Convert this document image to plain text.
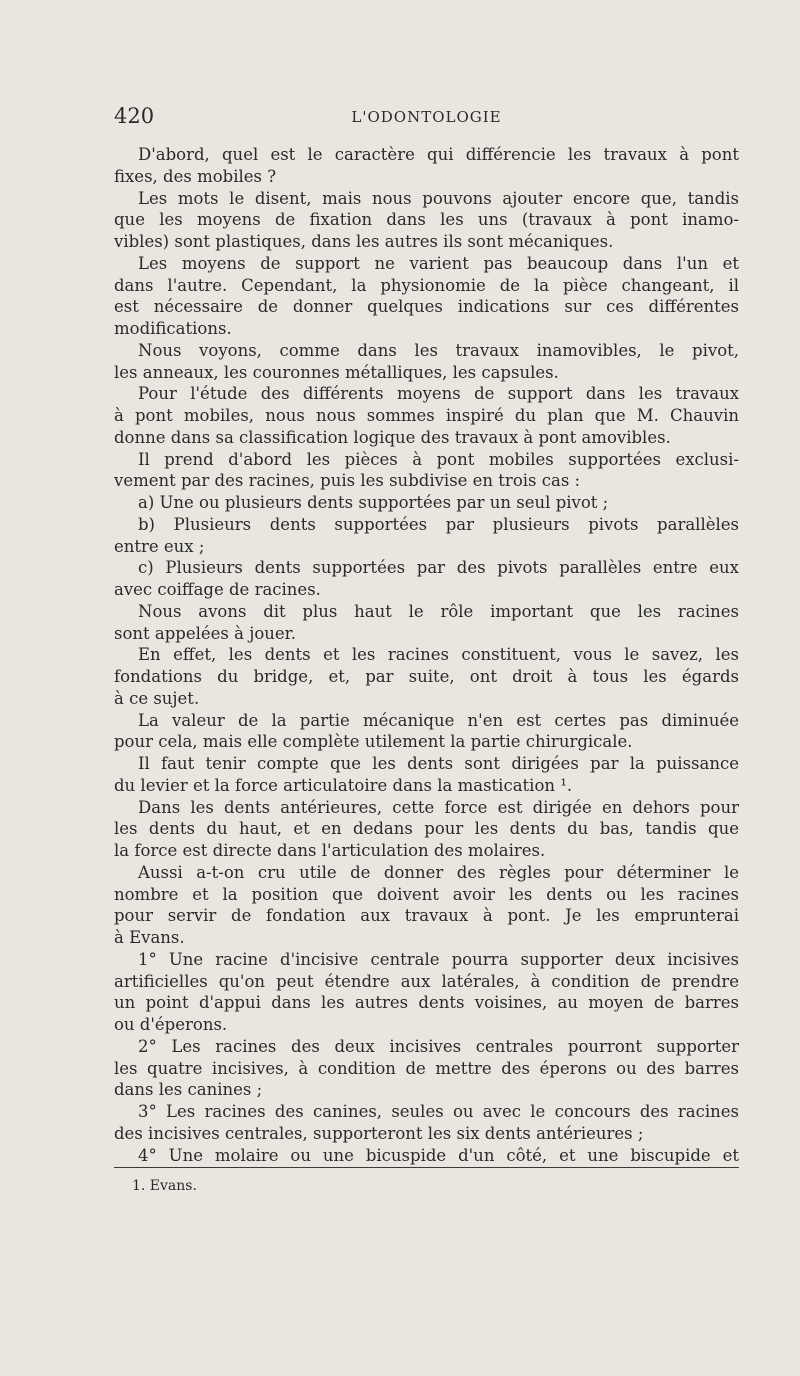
420	L'ODONTOLOGIE
D'abord, quel est le caractère qui différencie les travaux à pont
fixes, des mobiles ?
Les mots le disent, mais nous pouvons ajouter encore que, tandis
que les moyens de fixation dans les uns (travaux à pont inamo-
vibles) sont plastiques, dans les autres ils sont mécaniques.
Les moyens de support ne varient pas beaucoup dans l'un et
dans l'autre. Cependant, la physionomie de la pièce changeant, il
est nécessaire de donner quelques indications sur ces différentes
modifications.
Nous voyons, comme dans les travaux inamovibles, le pivot,
les anneaux, les couronnes métalliques, les capsules.
Pour l'étude des différents moyens de support dans les travaux
à pont mobiles, nous nous sommes inspiré du plan que M. Chauvin
donne dans sa classification logique des travaux à pont amovibles.
Il prend d'abord les pièces à pont mobiles supportées exclusi-
vement par des racines, puis les subdivise en trois cas :
a) Une ou plusieurs dents supportées par un seul pivot ;
b) Plusieurs dents supportées par plusieurs pivots parallèles
entre eux ;
c) Plusieurs dents supportées par des pivots parallèles entre eux
avec coiffage de racines.
Nous avons dit plus haut le rôle important que les racines
sont appelées à jouer.
En effet, les dents et les racines constituent, vous le savez, les
fondations du bridge, et, par suite, ont droit à tous les égards
à ce sujet.
La valeur de la partie mécanique n'en est certes pas diminuée
pour cela, mais elle complète utilement la partie chirurgicale.
Il faut tenir compte que les dents sont dirigées par la puissance
du levier et la force articulatoire dans la mastication ¹.
Dans les dents antérieures, cette force est dirigée en dehors pour
les dents du haut, et en dedans pour les dents du bas, tandis que
la force est directe dans l'articulation des molaires.
Aussi a-t-on cru utile de donner des règles pour déterminer le
nombre et la position que doivent avoir les dents ou les racines
pour servir de fondation aux travaux à pont. Je les emprunterai
à Evans.
1° Une racine d'incisive centrale pourra supporter deux incisives
artificielles qu'on peut étendre aux latérales, à condition de prendre
un point d'appui dans les autres dents voisines, au moyen de barres
ou d'éperons.
2° Les racines des deux incisives centrales pourront supporter
les quatre incisives, à condition de mettre des éperons ou des barres
dans les canines ;
3° Les racines des canines, seules ou avec le concours des racines
des incisives centrales, supporteront les six dents antérieures ;
4° Une molaire ou une bicuspide d'un côté, et une biscupide et
1. Evans.
